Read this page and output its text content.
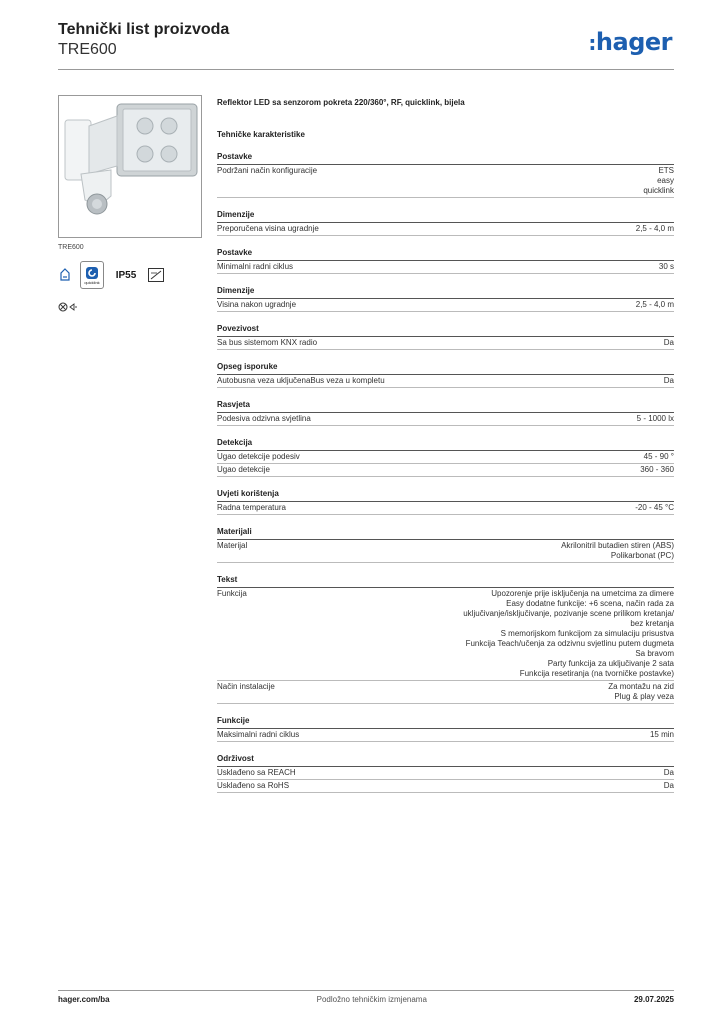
Tehnički list proizvoda
TRE600	:hager
TRE600
quicklink
IP55
Reflektor LED sa senzorom pokreta 220/360°, RF, quicklink, bijela
Tehničke karakteristike
Postavke
Podržani način konfiguracije	ETS
easy
quicklink
Dimenzije
Preporučena visina ugradnje	2,5 - 4,0 m
Postavke
Minimalni radni ciklus	30 s
Dimenzije
Visina nakon ugradnje	2,5 - 4,0 m
Povezivost
Sa bus sistemom KNX radio	Da
Opseg isporuke
Autobusna veza uključenaBus veza u kompletu	Da
Rasvjeta
Podesiva odzivna svjetlina	5 - 1000 lx
Detekcija
Ugao detekcije podesiv	45 - 90 °
Ugao detekcije	360 - 360
Uvjeti korištenja
Radna temperatura	-20 - 45 °C
Materijali
Materijal	Akrilonitril butadien stiren (ABS)
Polikarbonat (PC)
Tekst
Funkcija	Upozorenje prije isključenja na umetcima za dimere
Easy dodatne funkcije: +6 scena, način rada za
uključivanje/isključivanje, pozivanje scene prilikom kretanja/
bez kretanja
S memorijskom funkcijom za simulaciju prisustva
Funkcija Teach/učenja za odzivnu svjetlinu putem dugmeta
Sa bravom
Party funkcija za uključivanje 2 sata
Funkcija resetiranja (na tvorničke postavke)
Način instalacije	Za montažu na zid
Plug & play veza
Funkcije
Maksimalni radni ciklus	15 min
Održivost
Usklađeno sa REACH	Da
Usklađeno sa RoHS	Da
hager.com/ba	Podložno tehničkim izmjenama	29.07.2025
